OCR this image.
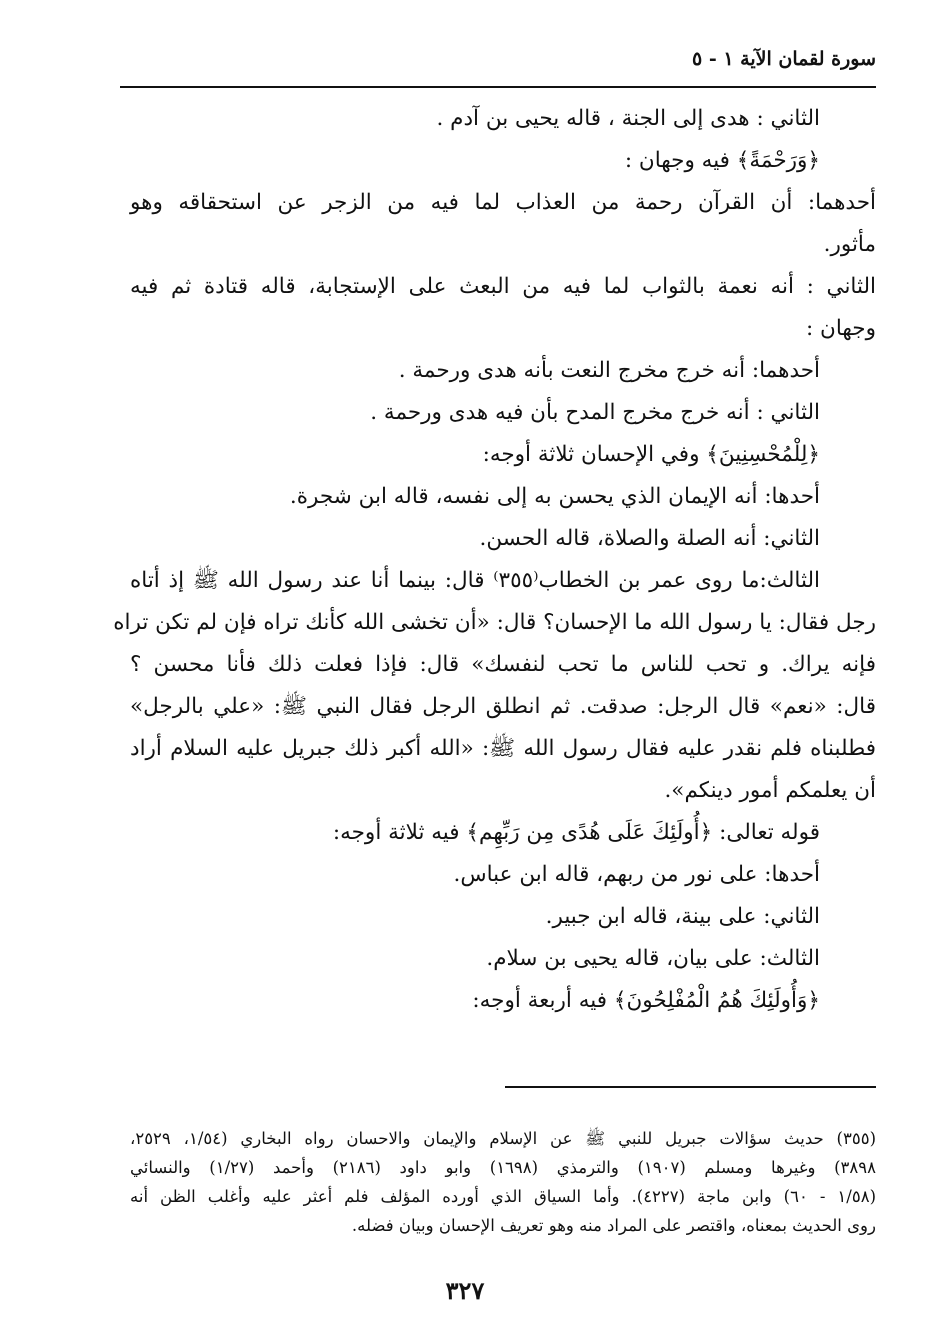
سورة لقمان الآية ١ - ٥
الثاني : هدى إلى الجنة ، قاله يحيى بن آدم .
﴿وَرَحْمَةً﴾ فيه وجهان :
أحدهما: أن القرآن رحمة من العذاب لما فيه من الزجر عن استحقاقه وهو
مأثور.
الثاني : أنه نعمة بالثواب لما فيه من البعث على الإستجابة، قاله قتادة ثم فيه
وجهان :
أحدهما: أنه خرج مخرج النعت بأنه هدى ورحمة .
الثاني : أنه خرج مخرج المدح بأن فيه هدى ورحمة .
﴿لِلْمُحْسِنِينَ﴾ وفي الإحسان ثلاثة أوجه:
أحدها: أنه الإيمان الذي يحسن به إلى نفسه، قاله ابن شجرة.
الثاني: أنه الصلة والصلاة، قاله الحسن.
الثالث:ما روى عمر بن الخطاب⁽٣٥٥⁾ قال: بينما أنا عند رسول الله ﷺ إذ أتاه
رجل فقال: يا رسول الله ما الإحسان؟ قال: «أن تخشى الله كأنك تراه فإن لم تكن تراه
فإنه يراك. و تحب للناس ما تحب لنفسك» قال: فإذا فعلت ذلك فأنا محسن ؟
قال: «نعم» قال الرجل: صدقت. ثم انطلق الرجل فقال النبي ﷺ: «علي بالرجل»
فطلبناه فلم نقدر عليه فقال رسول الله ﷺ: «الله أكبر ذلك جبريل عليه السلام أراد
أن يعلمكم أمور دينكم».
قوله تعالى: ﴿أُولَئِكَ عَلَى هُدًى مِن رَبِّهِم﴾ فيه ثلاثة أوجه:
أحدها: على نور من ربهم، قاله ابن عباس.
الثاني: على بينة، قاله ابن جبير.
الثالث: على بيان، قاله يحيى بن سلام.
﴿وَأُولَئِكَ هُمُ الْمُفْلِحُونَ﴾ فيه أربعة أوجه:
(٣٥٥) حديث سؤالات جبريل للنبي ﷺ عن الإسلام والإيمان والاحسان رواه البخاري (١/٥٤، ٢٥٢٩،
٣٨٩٨) وغيرها ومسلم (١٩٠٧) والترمذي (١٦٩٨) وابو داود (٢١٨٦) وأحمد (١/٢٧) والنسائي
(١/٥٨ - ٦٠) وابن ماجة (٤٢٢٧). وأما السياق الذي أورده المؤلف فلم أعثر عليه وأغلب الظن أنه
روى الحديث بمعناه، واقتصر على المراد منه وهو تعريف الإحسان وبيان فضله.
٣٢٧
